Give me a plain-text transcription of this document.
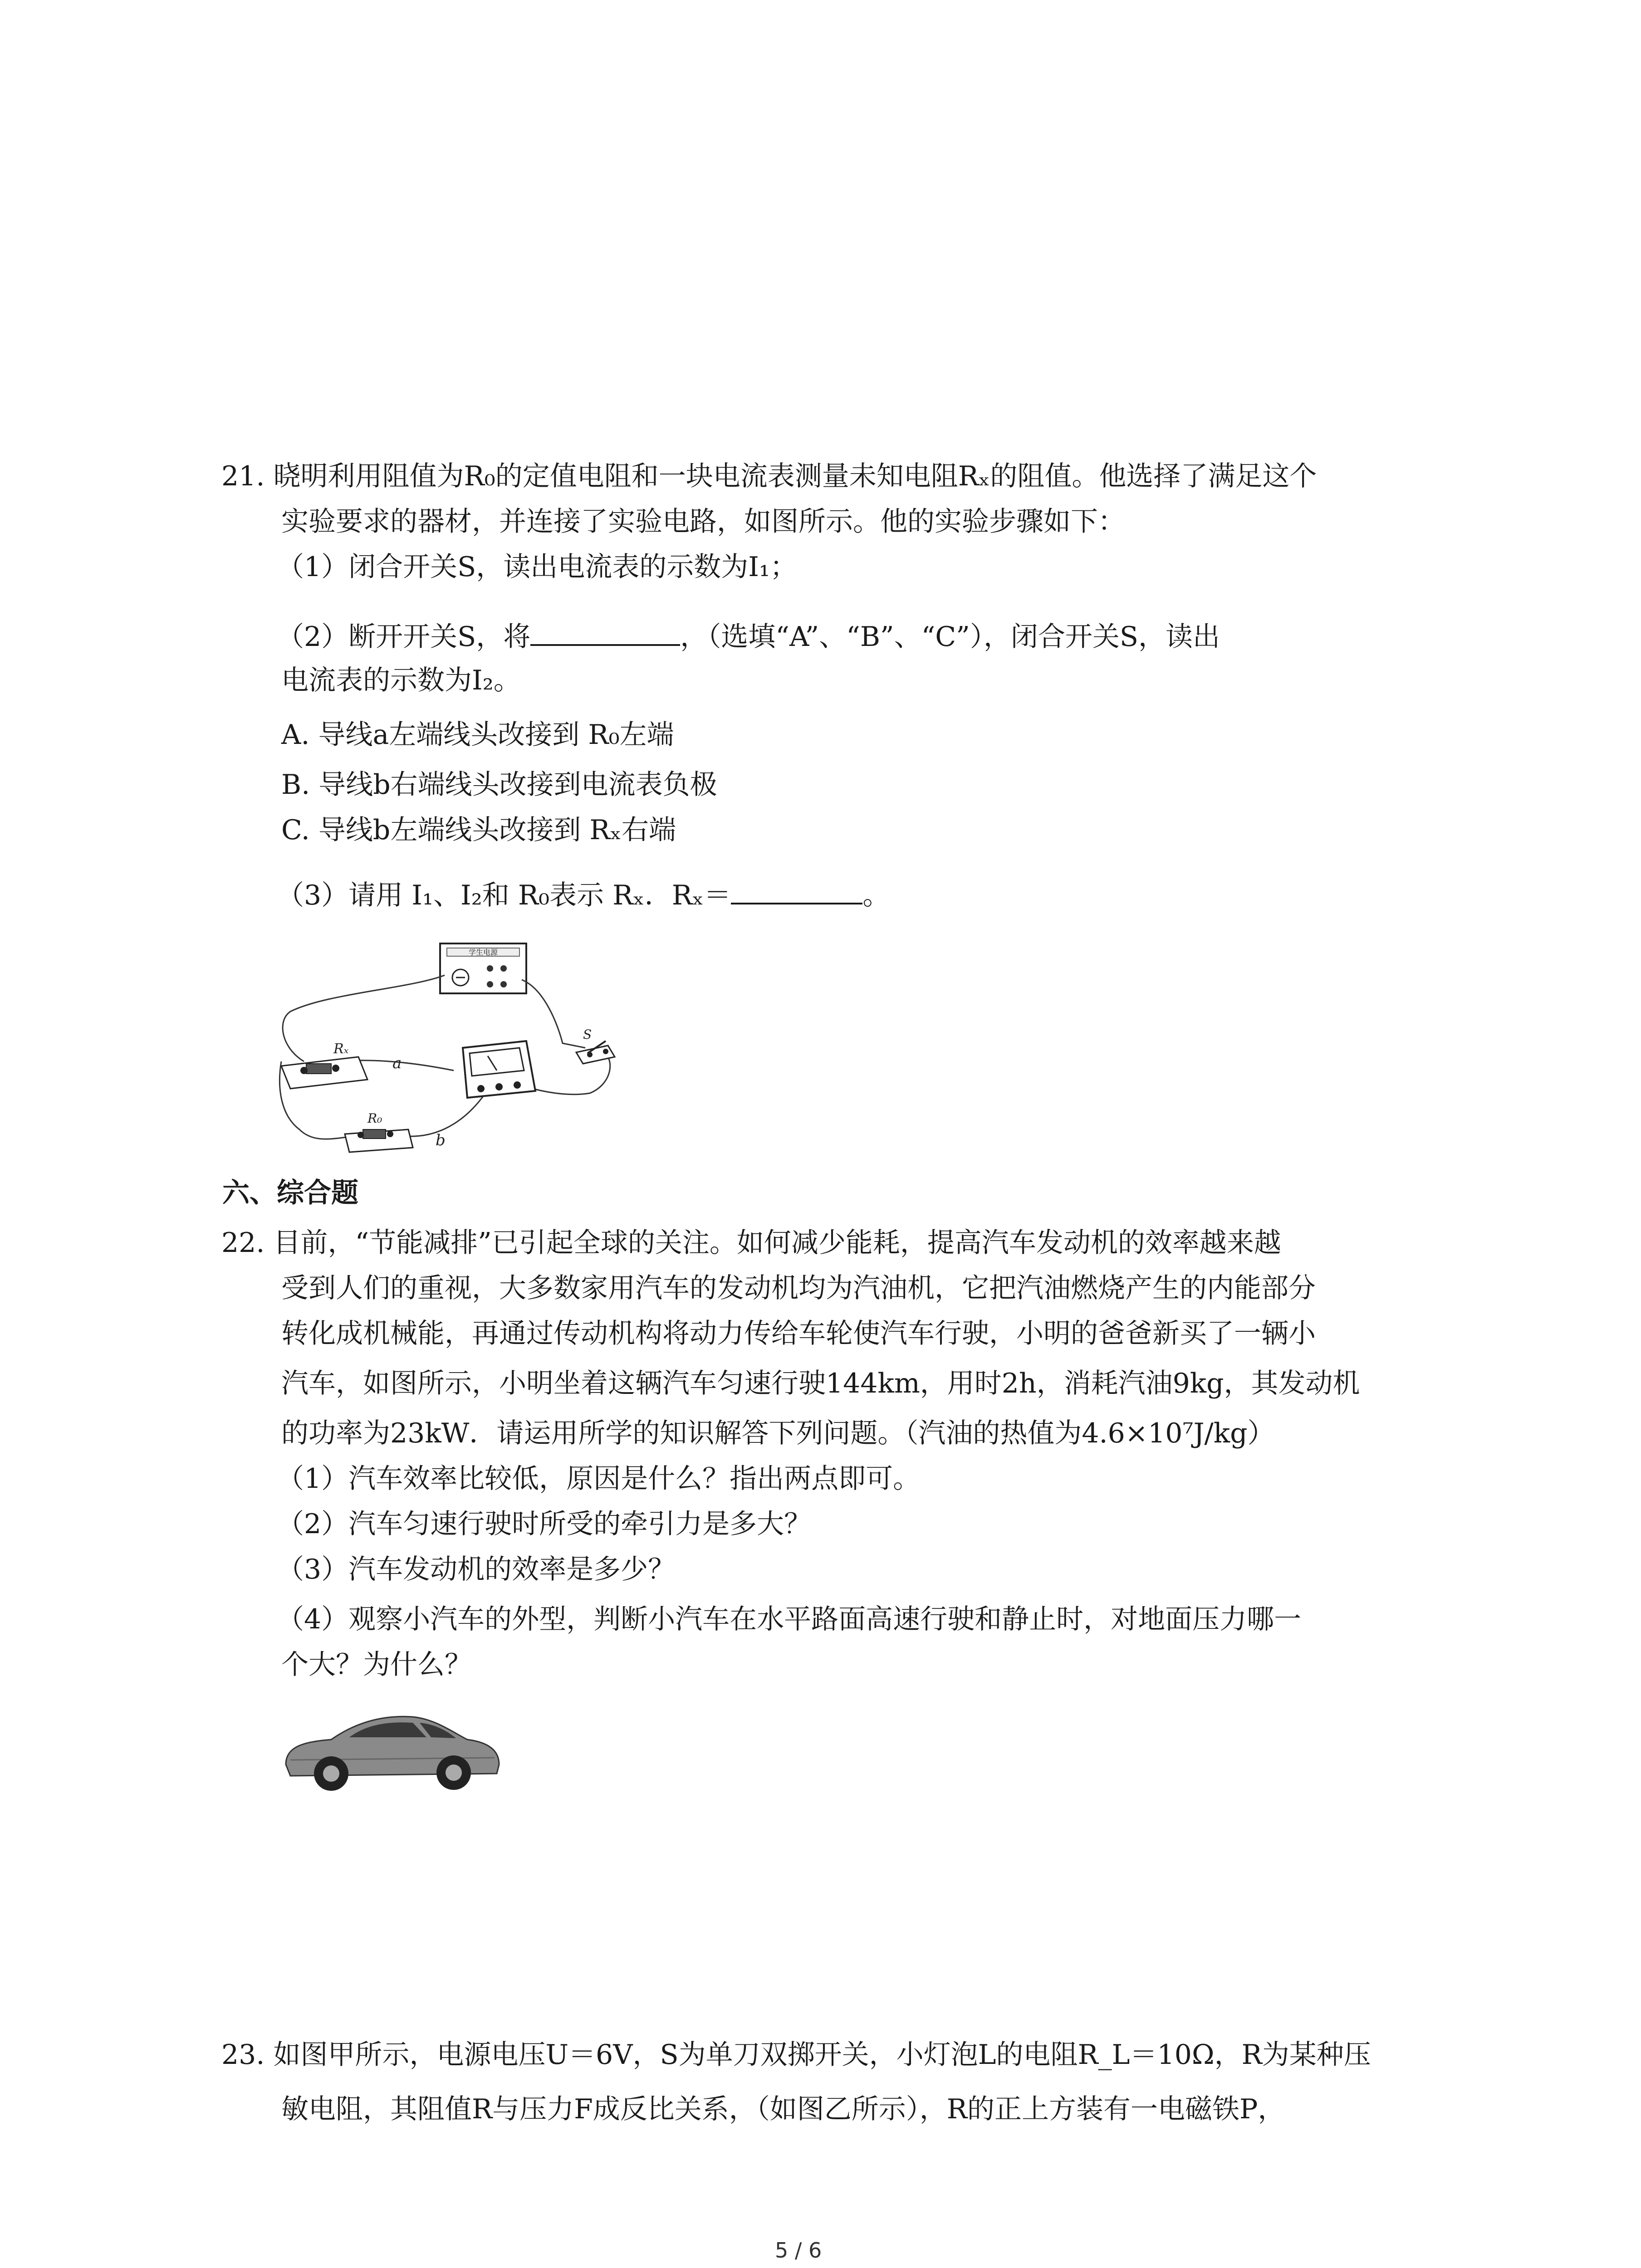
21. 晓明利用阻值为R₀的定值电阻和一块电流表测量未知电阻Rₓ的阻值。他选择了满足这个
实验要求的器材，并连接了实验电路，如图所示。他的实验步骤如下：
（1）闭合开关S，读出电流表的示数为I₁；
（2）断开开关S，将	，（选填“A”、“B”、“C”），闭合开关S，读出
电流表的示数为I₂。
A. 导线a左端线头改接到 R₀左端
B. 导线b右端线头改接到电流表负极
C. 导线b左端线头改接到 Rₓ右端
（3）请用 I₁、I₂和 R₀表示 Rₓ．Rₓ＝	。
学生电源
Rₓ
R₀
S
a
b
六、综合题
22. 目前，“节能减排”已引起全球的关注。如何减少能耗，提高汽车发动机的效率越来越
受到人们的重视，大多数家用汽车的发动机均为汽油机，它把汽油燃烧产生的内能部分
转化成机械能，再通过传动机构将动力传给车轮使汽车行驶，小明的爸爸新买了一辆小
汽车，如图所示，小明坐着这辆汽车匀速行驶144km，用时2h，消耗汽油9kg，其发动机
的功率为23kW．请运用所学的知识解答下列问题。（汽油的热值为4.6×10⁷J/kg）
（1）汽车效率比较低，原因是什么？指出两点即可。
（2）汽车匀速行驶时所受的牵引力是多大？
（3）汽车发动机的效率是多少？
（4）观察小汽车的外型，判断小汽车在水平路面高速行驶和静止时，对地面压力哪一
个大？为什么？
23. 如图甲所示，电源电压U＝6V，S为单刀双掷开关，小灯泡L的电阻R_L＝10Ω，R为某种压
敏电阻，其阻值R与压力F成反比关系，（如图乙所示），R的正上方装有一电磁铁P，
5 / 6
